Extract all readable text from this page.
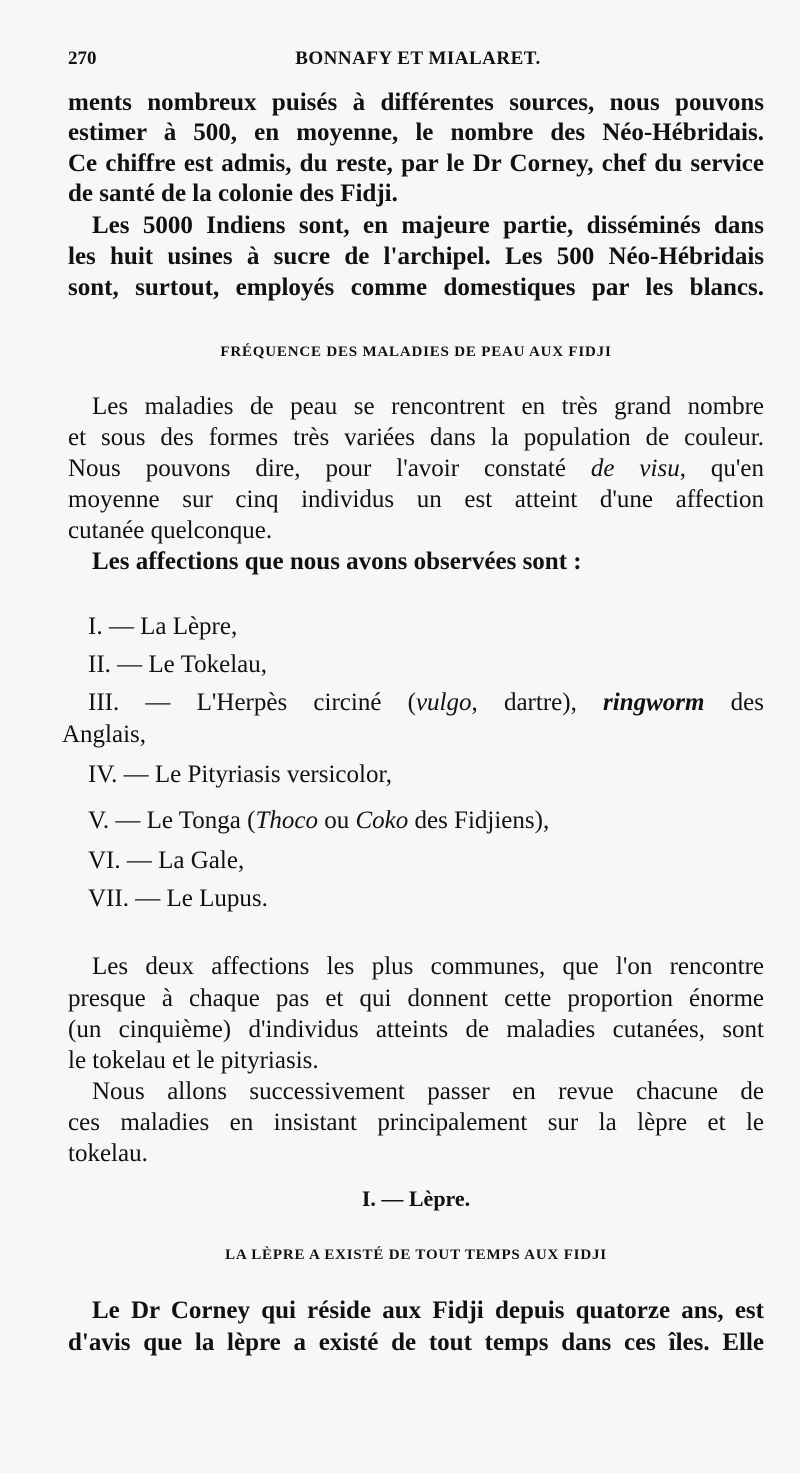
270	BONNAFY ET MIALARET.
ments nombreux puisés à différentes sources, nous pouvons
estimer à 500, en moyenne, le nombre des Néo-Hébridais.
Ce chiffre est admis, du reste, par le Dr Corney, chef du service
de santé de la colonie des Fidji.
Les 5000 Indiens sont, en majeure partie, disséminés dans
les huit usines à sucre de l'archipel. Les 500 Néo-Hébridais
sont, surtout, employés comme domestiques par les blancs.
FRÉQUENCE DES MALADIES DE PEAU AUX FIDJI
Les maladies de peau se rencontrent en très grand nombre
et sous des formes très variées dans la population de couleur.
Nous pouvons dire, pour l'avoir constaté de visu, qu'en
moyenne sur cinq individus un est atteint d'une affection
cutanée quelconque.
Les affections que nous avons observées sont :
I. — La Lèpre,
II. — Le Tokelau,
III. — L'Herpès circiné (vulgo, dartre), ringworm des
Anglais,
IV. — Le Pityriasis versicolor,
V. — Le Tonga (Thoco ou Coko des Fidjiens),
VI. — La Gale,
VII. — Le Lupus.
Les deux affections les plus communes, que l'on rencontre
presque à chaque pas et qui donnent cette proportion énorme
(un cinquième) d'individus atteints de maladies cutanées, sont
le tokelau et le pityriasis.
Nous allons successivement passer en revue chacune de
ces maladies en insistant principalement sur la lèpre et le
tokelau.
I. — Lèpre.
LA LÈPRE A EXISTÉ DE TOUT TEMPS AUX FIDJI
Le Dr Corney qui réside aux Fidji depuis quatorze ans, est
d'avis que la lèpre a existé de tout temps dans ces îles. Elle
